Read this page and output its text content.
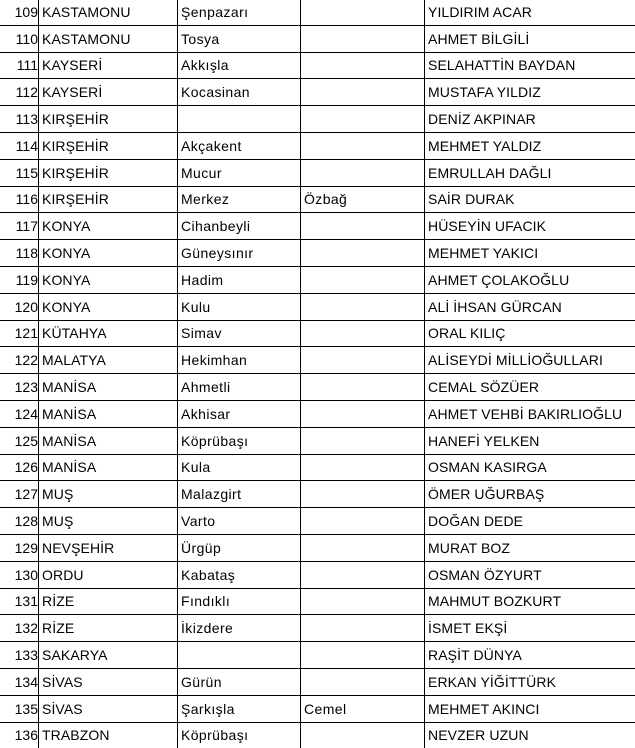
109	KASTAMONU	Şenpazarı		YILDIRIM ACAR
110	KASTAMONU	Tosya		AHMET BİLGİLİ
111	KAYSERİ	Akkışla		SELAHATTİN BAYDAN
112	KAYSERİ	Kocasinan		MUSTAFA YILDIZ
113	KIRŞEHİR			DENİZ AKPINAR
114	KIRŞEHİR	Akçakent		MEHMET YALDIZ
115	KIRŞEHİR	Mucur		EMRULLAH DAĞLI
116	KIRŞEHİR	Merkez	Özbağ	SAİR DURAK
117	KONYA	Cihanbeyli		HÜSEYİN UFACIK
118	KONYA	Güneysınır		MEHMET YAKICI
119	KONYA	Hadim		AHMET ÇOLAKOĞLU
120	KONYA	Kulu		ALİ İHSAN GÜRCAN
121	KÜTAHYA	Simav		ORAL KILIÇ
122	MALATYA	Hekimhan		ALİSEYDİ MİLLİOĞULLARI
123	MANİSA	Ahmetli		CEMAL SÖZÜER
124	MANİSA	Akhisar		AHMET VEHBİ BAKIRLIOĞLU
125	MANİSA	Köprübaşı		HANEFİ YELKEN
126	MANİSA	Kula		OSMAN KASIRGA
127	MUŞ	Malazgirt		ÖMER UĞURBAŞ
128	MUŞ	Varto		DOĞAN DEDE
129	NEVŞEHİR	Ürgüp		MURAT BOZ
130	ORDU	Kabataş		OSMAN ÖZYURT
131	RİZE	Fındıklı		MAHMUT BOZKURT
132	RİZE	İkizdere		İSMET EKŞİ
133	SAKARYA			RAŞİT DÜNYA
134	SİVAS	Gürün		ERKAN YİĞİTTÜRK
135	SİVAS	Şarkışla	Cemel	MEHMET AKINCI
136	TRABZON	Köprübaşı		NEVZER UZUN
